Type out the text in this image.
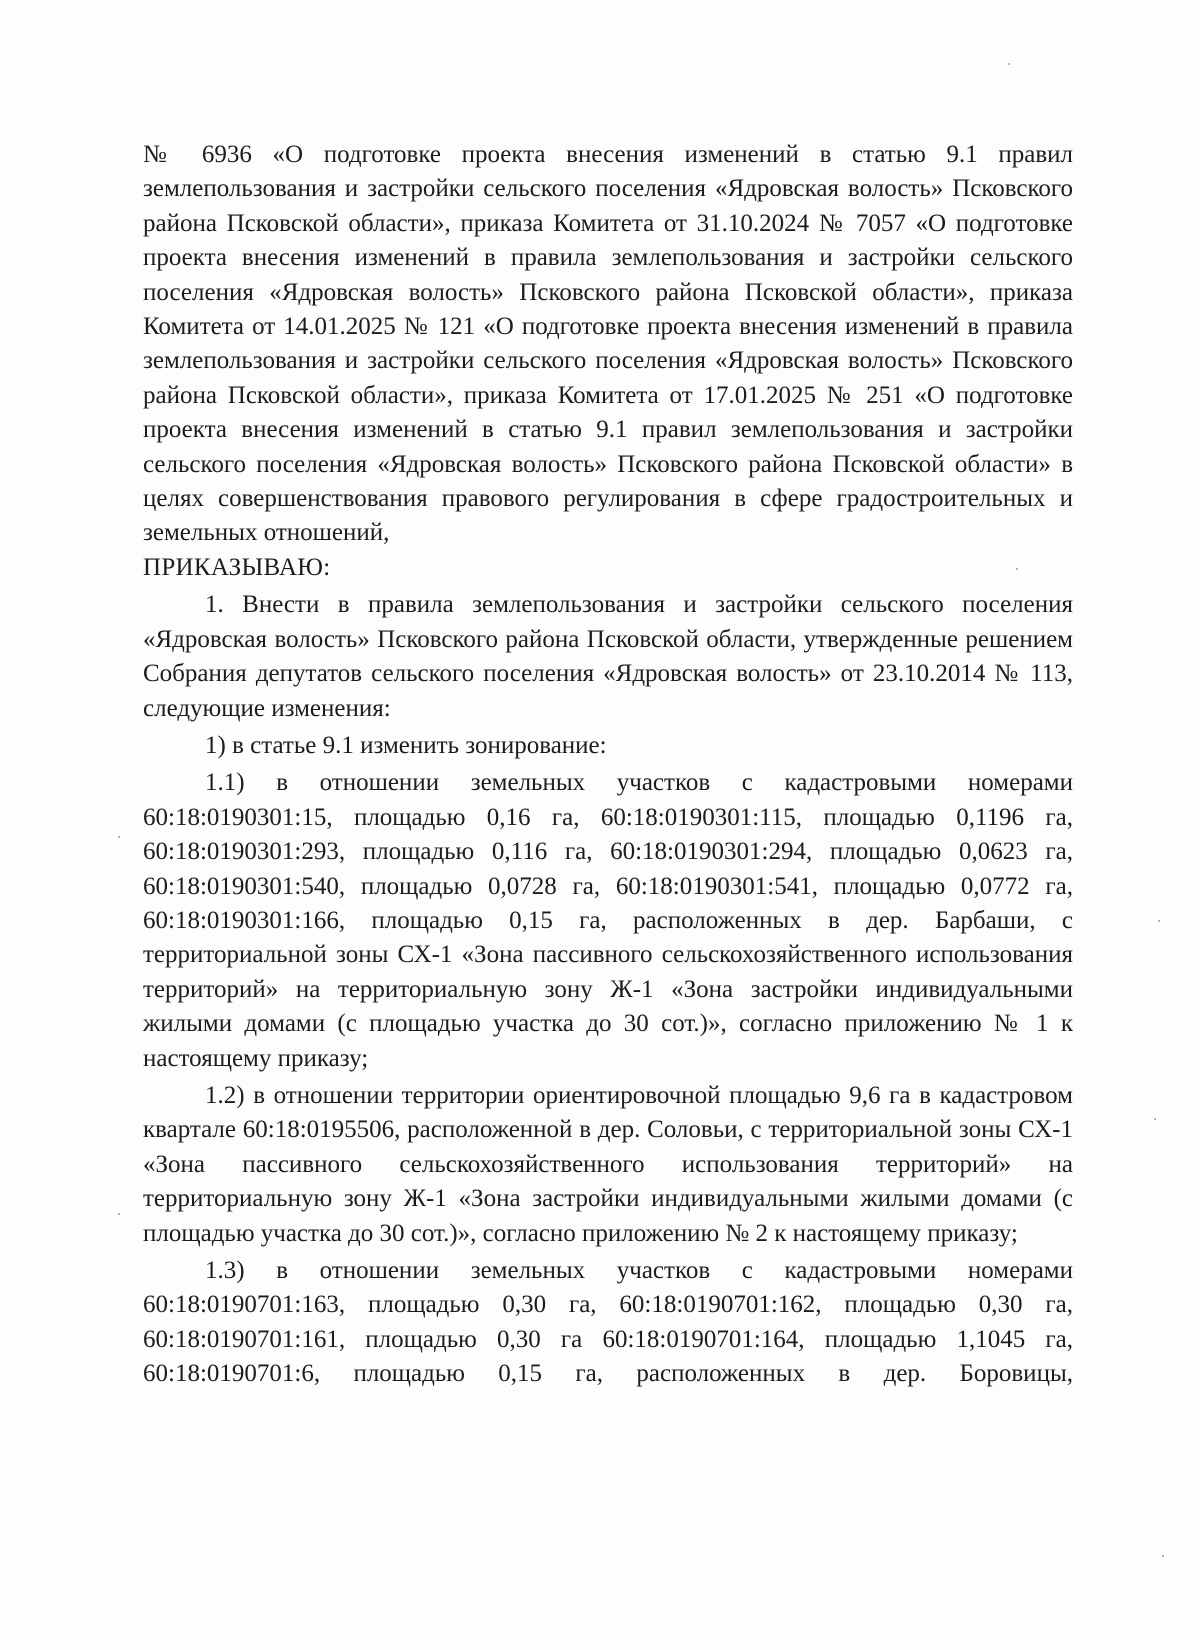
№ 6936 «О подготовке проекта внесения изменений в статью 9.1 правил землепользования и застройки сельского поселения «Ядровская волость» Псковского района Псковской области», приказа Комитета от 31.10.2024 № 7057 «О подготовке проекта внесения изменений в правила землепользования и застройки сельского поселения «Ядровская волость» Псковского района Псковской области», приказа Комитета от 14.01.2025 № 121 «О подготовке проекта внесения изменений в правила землепользования и застройки сельского поселения «Ядровская волость» Псковского района Псковской области», приказа Комитета от 17.01.2025 № 251 «О подготовке проекта внесения изменений в статью 9.1 правил землепользования и застройки сельского поселения «Ядровская волость» Псковского района Псковской области» в целях совершенствования правового регулирования в сфере градостроительных и земельных отношений,

ПРИКАЗЫВАЮ:

1. Внести в правила землепользования и застройки сельского поселения «Ядровская волость» Псковского района Псковской области, утвержденные решением Собрания депутатов сельского поселения «Ядровская волость» от 23.10.2014 № 113, следующие изменения:

1) в статье 9.1 изменить зонирование:

1.1) в отношении земельных участков с кадастровыми номерами 60:18:0190301:15, площадью 0,16 га, 60:18:0190301:115, площадью 0,1196 га, 60:18:0190301:293, площадью 0,116 га, 60:18:0190301:294, площадью 0,0623 га, 60:18:0190301:540, площадью 0,0728 га, 60:18:0190301:541, площадью 0,0772 га, 60:18:0190301:166, площадью 0,15 га, расположенных в дер. Барбаши, с территориальной зоны СХ-1 «Зона пассивного сельскохозяйственного использования территорий» на территориальную зону Ж-1 «Зона застройки индивидуальными жилыми домами (с площадью участка до 30 сот.)», согласно приложению № 1 к настоящему приказу;

1.2) в отношении территории ориентировочной площадью 9,6 га в кадастровом квартале 60:18:0195506, расположенной в дер. Соловьи, с территориальной зоны СХ-1 «Зона пассивного сельскохозяйственного использования территорий» на территориальную зону Ж-1 «Зона застройки индивидуальными жилыми домами (с площадью участка до 30 сот.)», согласно приложению № 2 к настоящему приказу;

1.3) в отношении земельных участков с кадастровыми номерами 60:18:0190701:163, площадью 0,30 га, 60:18:0190701:162, площадью 0,30 га, 60:18:0190701:161, площадью 0,30 га 60:18:0190701:164, площадью 1,1045 га, 60:18:0190701:6, площадью 0,15 га, расположенных в дер. Боровицы,
